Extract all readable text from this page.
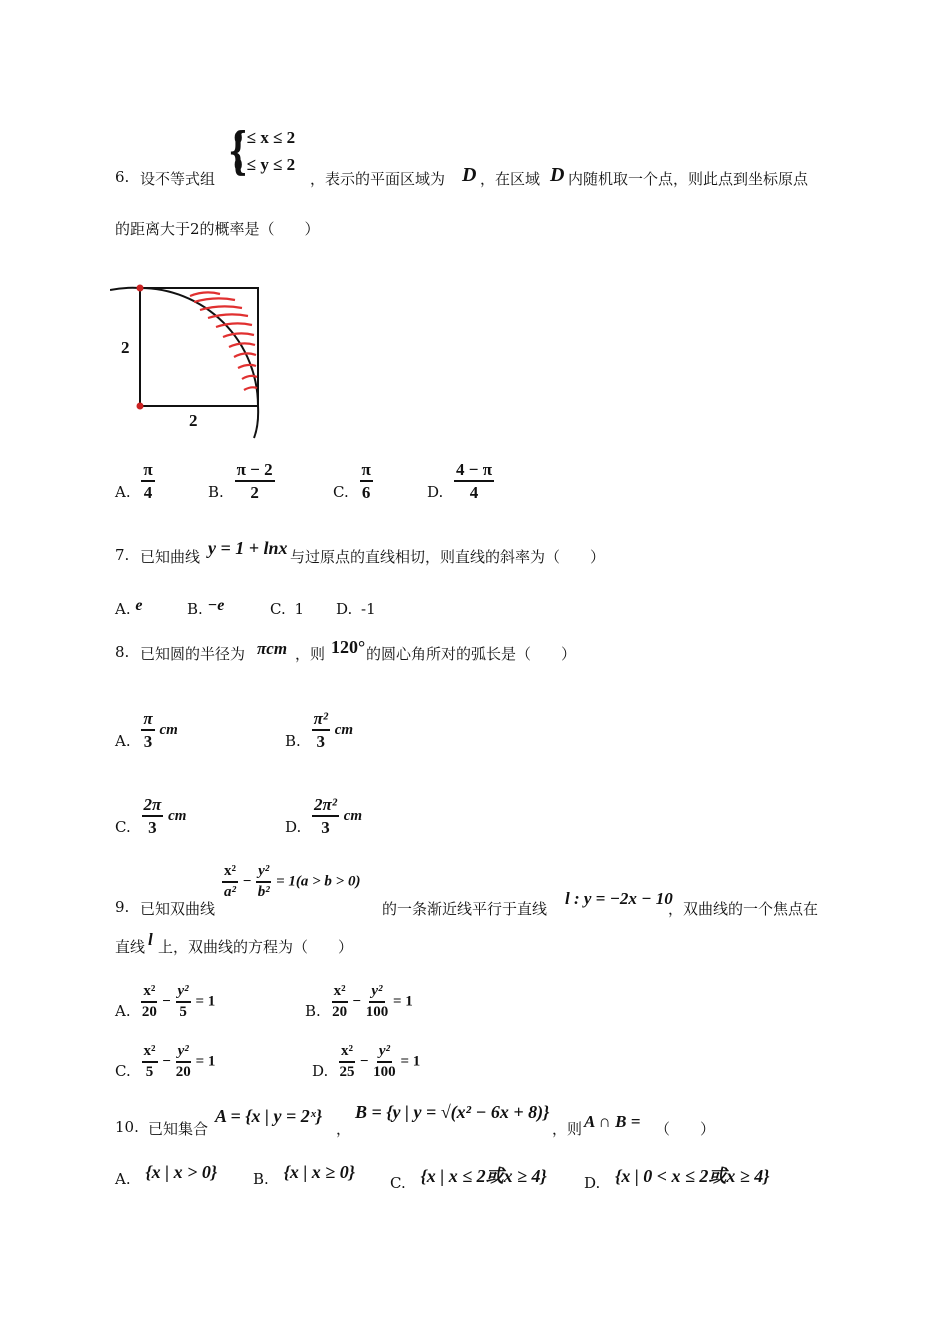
6. 设不等式组 {
0 ≤ x ≤ 2
0 ≤ y ≤ 2
，表示的平面区域为 D ，在区域 D 内随机取一个点，则此点到坐标原点
的距离大于2的概率是（　　）
2
2
A. $\frac{\pi}{4}$	B. $\frac{\pi - 2}{2}$	C. $\frac{\pi}{6}$	D. $\frac{4 - \pi}{4}$
7. 已知曲线 y = 1 + lnx 与过原点的直线相切，则直线的斜率为（　　）
A. e	B. −e	C. 1 D. -1
8. 已知圆的半径为 πcm ，则 120° 的圆心角所对的弧长是（　　）
A. $\frac{\pi}{3}$ cm
B. $\frac{\text{π²}}{3}$ cm
C. $\frac{2\pi}{3}$ cm
D. $\frac{\text{2π²}}{3}$ cm
9. 已知双曲线
$\frac{\text{x²}}{\text{a²}} - \frac{\text{y²}}{\text{b²}} = 1(a > b > 0)$
的一条渐近线平行于直线
l : y = −2x − 10
，双曲线的一个焦点在
直线 l 上，双曲线的方程为（　　）
A. $\frac{\text{x²}}{20} - \frac{\text{y²}}{5} = 1$
B. $\frac{\text{x²}}{20} - \frac{\text{y²}}{100} = 1$
C. $\frac{\text{x²}}{5} - \frac{\text{y²}}{20} = 1$
D. $\frac{\text{x²}}{25} - \frac{\text{y²}}{100} = 1$
10. 已知集合
A = {x | y = 2ˣ}
，
B = {y | y = √(x² − 6x + 8)}
，则 A ∩ B = （　　）
A. {x | x > 0} B. {x | x ≥ 0}
C. {x | x ≤ 2或x ≥ 4} D. {x | 0 < x ≤ 2或x ≥ 4}
